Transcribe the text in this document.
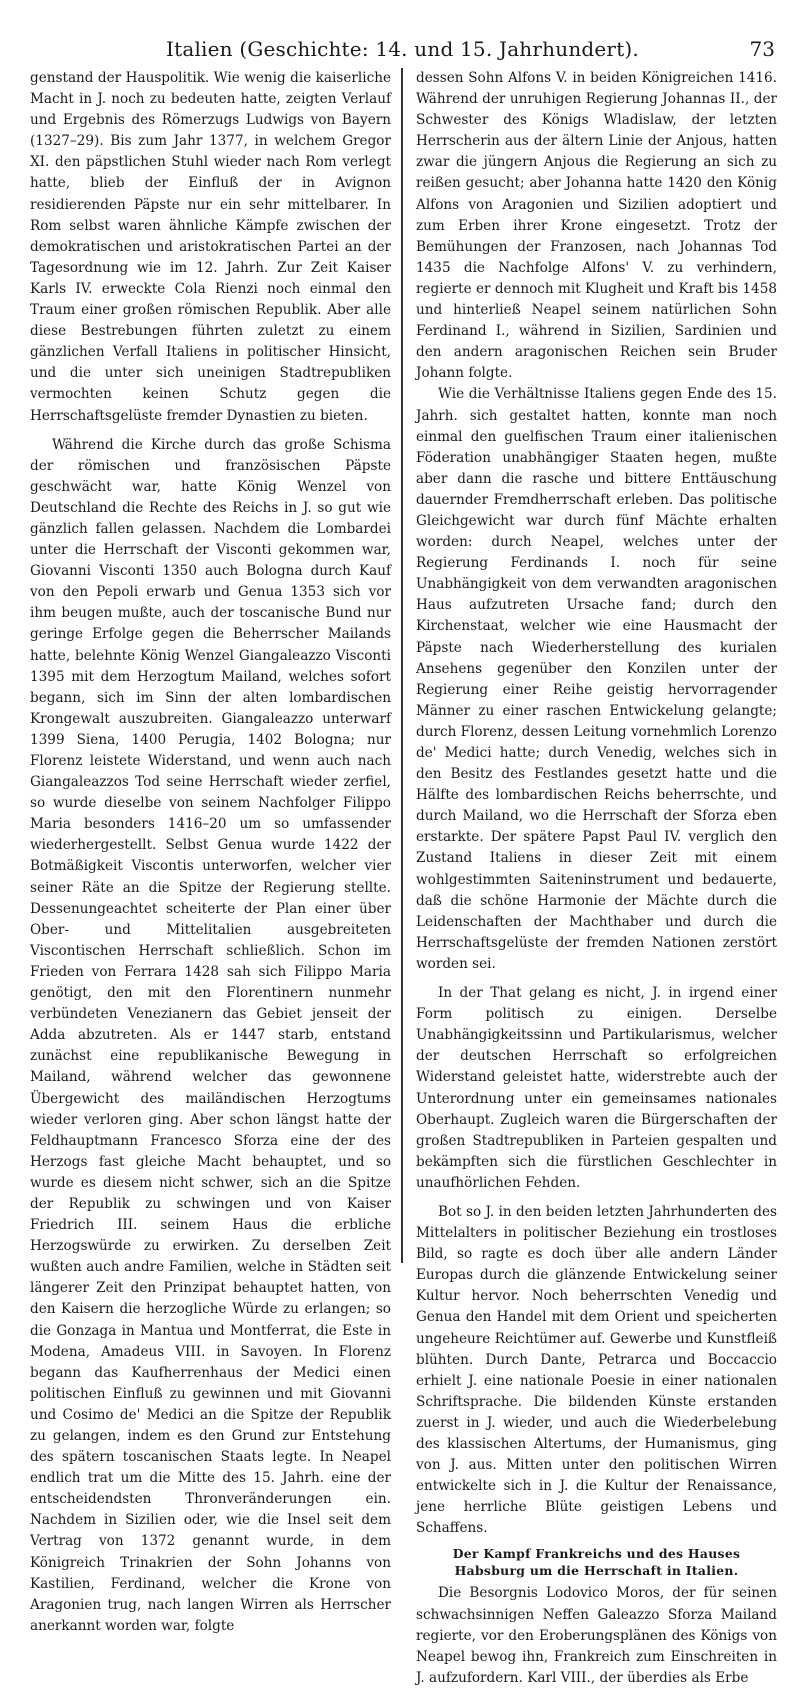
Italien (Geschichte: 14. und 15. Jahrhundert).	73

genstand der Hauspolitik. Wie wenig die kaiserliche Macht in J. noch zu bedeuten hatte, zeigten Verlauf und Ergebnis des Römerzugs Ludwigs von Bayern (1327–29). Bis zum Jahr 1377, in welchem Gregor XI. den päpstlichen Stuhl wieder nach Rom verlegt hatte, blieb der Einfluß der in Avignon residierenden Päpste nur ein sehr mittelbarer. In Rom selbst waren ähnliche Kämpfe zwischen der demokratischen und aristokratischen Partei an der Tagesordnung wie im 12. Jahrh. Zur Zeit Kaiser Karls IV. erweckte Cola Rienzi noch einmal den Traum einer großen römischen Republik. Aber alle diese Bestrebungen führten zuletzt zu einem gänzlichen Verfall Italiens in politischer Hinsicht, und die unter sich uneinigen Stadtrepubliken vermochten keinen Schutz gegen die Herrschaftsgelüste fremder Dynastien zu bieten.

Während die Kirche durch das große Schisma der römischen und französischen Päpste geschwächt war, hatte König Wenzel von Deutschland die Rechte des Reichs in J. so gut wie gänzlich fallen gelassen. Nachdem die Lombardei unter die Herrschaft der Visconti gekommen war, Giovanni Visconti 1350 auch Bologna durch Kauf von den Pepoli erwarb und Genua 1353 sich vor ihm beugen mußte, auch der toscanische Bund nur geringe Erfolge gegen die Beherrscher Mailands hatte, belehnte König Wenzel Giangaleazzo Visconti 1395 mit dem Herzogtum Mailand, welches sofort begann, sich im Sinn der alten lombardischen Krongewalt auszubreiten. Giangaleazzo unterwarf 1399 Siena, 1400 Perugia, 1402 Bologna; nur Florenz leistete Widerstand, und wenn auch nach Giangaleazzos Tod seine Herrschaft wieder zerfiel, so wurde dieselbe von seinem Nachfolger Filippo Maria besonders 1416–20 um so umfassender wiederhergestellt. Selbst Genua wurde 1422 der Botmäßigkeit Viscontis unterworfen, welcher vier seiner Räte an die Spitze der Regierung stellte. Dessenungeachtet scheiterte der Plan einer über Ober- und Mittelitalien ausgebreiteten Viscontischen Herrschaft schließlich. Schon im Frieden von Ferrara 1428 sah sich Filippo Maria genötigt, den mit den Florentinern nunmehr verbündeten Venezianern das Gebiet jenseit der Adda abzutreten. Als er 1447 starb, entstand zunächst eine republikanische Bewegung in Mailand, während welcher das gewonnene Übergewicht des mailändischen Herzogtums wieder verloren ging. Aber schon längst hatte der Feldhauptmann Francesco Sforza eine der des Herzogs fast gleiche Macht behauptet, und so wurde es diesem nicht schwer, sich an die Spitze der Republik zu schwingen und von Kaiser Friedrich III. seinem Haus die erbliche Herzogswürde zu erwirken. Zu derselben Zeit wußten auch andre Familien, welche in Städten seit längerer Zeit den Prinzipat behauptet hatten, von den Kaisern die herzogliche Würde zu erlangen; so die Gonzaga in Mantua und Montferrat, die Este in Modena, Amadeus VIII. in Savoyen. In Florenz begann das Kaufherrenhaus der Medici einen politischen Einfluß zu gewinnen und mit Giovanni und Cosimo de' Medici an die Spitze der Republik zu gelangen, indem es den Grund zur Entstehung des spätern toscanischen Staats legte. In Neapel endlich trat um die Mitte des 15. Jahrh. eine der entscheidendsten Thronveränderungen ein. Nachdem in Sizilien oder, wie die Insel seit dem Vertrag von 1372 genannt wurde, in dem Königreich Trinakrien der Sohn Johanns von Kastilien, Ferdinand, welcher die Krone von Aragonien trug, nach langen Wirren als Herrscher anerkannt worden war, folgte

dessen Sohn Alfons V. in beiden Königreichen 1416. Während der unruhigen Regierung Johannas II., der Schwester des Königs Wladislaw, der letzten Herrscherin aus der ältern Linie der Anjous, hatten zwar die jüngern Anjous die Regierung an sich zu reißen gesucht; aber Johanna hatte 1420 den König Alfons von Aragonien und Sizilien adoptiert und zum Erben ihrer Krone eingesetzt. Trotz der Bemühungen der Franzosen, nach Johannas Tod 1435 die Nachfolge Alfons' V. zu verhindern, regierte er dennoch mit Klugheit und Kraft bis 1458 und hinterließ Neapel seinem natürlichen Sohn Ferdinand I., während in Sizilien, Sardinien und den andern aragonischen Reichen sein Bruder Johann folgte.

Wie die Verhältnisse Italiens gegen Ende des 15. Jahrh. sich gestaltet hatten, konnte man noch einmal den guelfischen Traum einer italienischen Föderation unabhängiger Staaten hegen, mußte aber dann die rasche und bittere Enttäuschung dauernder Fremdherrschaft erleben. Das politische Gleichgewicht war durch fünf Mächte erhalten worden: durch Neapel, welches unter der Regierung Ferdinands I. noch für seine Unabhängigkeit von dem verwandten aragonischen Haus aufzutreten Ursache fand; durch den Kirchenstaat, welcher wie eine Hausmacht der Päpste nach Wiederherstellung des kurialen Ansehens gegenüber den Konzilen unter der Regierung einer Reihe geistig hervorragender Männer zu einer raschen Entwickelung gelangte; durch Florenz, dessen Leitung vornehmlich Lorenzo de' Medici hatte; durch Venedig, welches sich in den Besitz des Festlandes gesetzt hatte und die Hälfte des lombardischen Reichs beherrschte, und durch Mailand, wo die Herrschaft der Sforza eben erstarkte. Der spätere Papst Paul IV. verglich den Zustand Italiens in dieser Zeit mit einem wohlgestimmten Saiteninstrument und bedauerte, daß die schöne Harmonie der Mächte durch die Leidenschaften der Machthaber und durch die Herrschaftsgelüste der fremden Nationen zerstört worden sei.

In der That gelang es nicht, J. in irgend einer Form politisch zu einigen. Derselbe Unabhängigkeitssinn und Partikularismus, welcher der deutschen Herrschaft so erfolgreichen Widerstand geleistet hatte, widerstrebte auch der Unterordnung unter ein gemeinsames nationales Oberhaupt. Zugleich waren die Bürgerschaften der großen Stadtrepubliken in Parteien gespalten und bekämpften sich die fürstlichen Geschlechter in unaufhörlichen Fehden.

Bot so J. in den beiden letzten Jahrhunderten des Mittelalters in politischer Beziehung ein trostloses Bild, so ragte es doch über alle andern Länder Europas durch die glänzende Entwickelung seiner Kultur hervor. Noch beherrschten Venedig und Genua den Handel mit dem Orient und speicherten ungeheure Reichtümer auf. Gewerbe und Kunstfleiß blühten. Durch Dante, Petrarca und Boccaccio erhielt J. eine nationale Poesie in einer nationalen Schriftsprache. Die bildenden Künste erstanden zuerst in J. wieder, und auch die Wiederbelebung des klassischen Altertums, der Humanismus, ging von J. aus. Mitten unter den politischen Wirren entwickelte sich in J. die Kultur der Renaissance, jene herrliche Blüte geistigen Lebens und Schaffens.

Der Kampf Frankreichs und des Hauses Habsburg um die Herrschaft in Italien.

Die Besorgnis Lodovico Moros, der für seinen schwachsinnigen Neffen Galeazzo Sforza Mailand regierte, vor den Eroberungsplänen des Königs von Neapel bewog ihn, Frankreich zum Einschreiten in J. aufzufordern. Karl VIII., der überdies als Erbe
